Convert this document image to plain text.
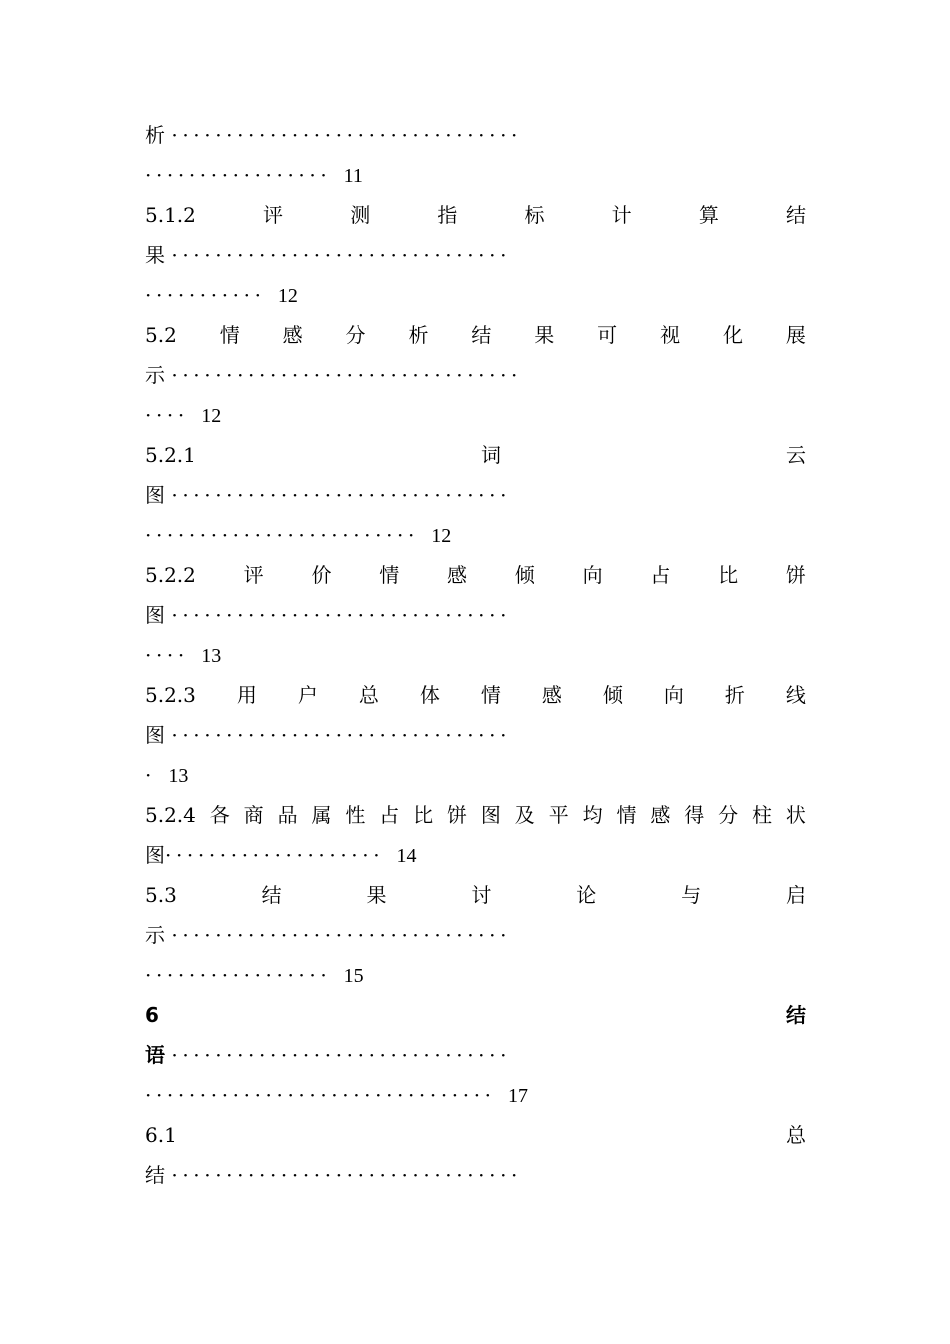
析 ································
················· 11
5.1.2	评	测	指	标	计	算	结
果 ·······························
··········· 12
5.2 情 感 分 析 结 果 可 视 化 展
示 ································
···· 12
5.2.1	词	云
图 ·······························
························· 12
5.2.2 评 价 情 感 倾 向 占 比 饼
图 ·······························
···· 13
5.2.3 用 户 总 体 情 感 倾 向 折 线
图 ·······························
· 13
5.2.4 各 商 品 属 性 占 比 饼 图 及 平 均 情 感 得 分 柱 状
图···················· 14
5.3	结	果	讨	论	与	启
示 ·······························
················· 15
6	结
语 ·······························
································ 17
6.1	总
结 ································
